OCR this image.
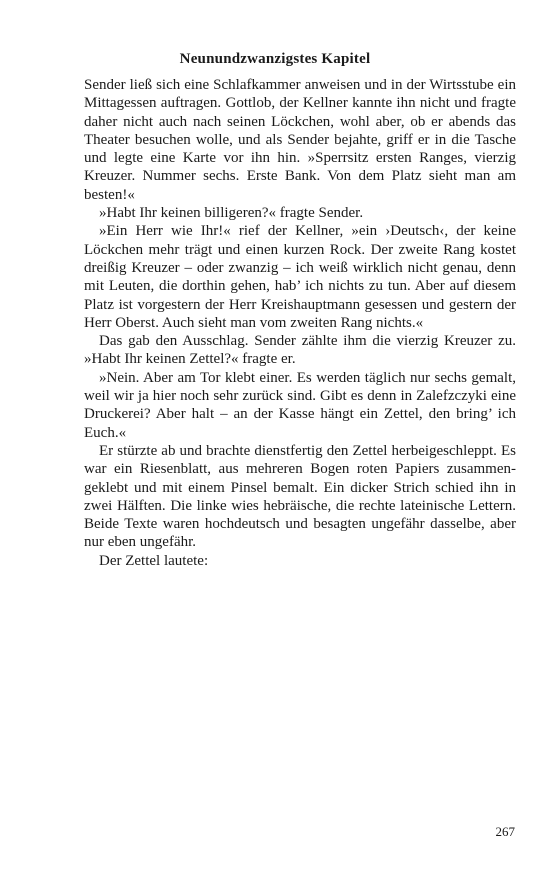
Neunundzwanzigstes Kapitel

Sender ließ sich eine Schlafkammer anweisen und in der Wirtsstube ein Mittagessen auftragen. Gottlob, der Kellner kannte ihn nicht und fragte daher nicht auch nach seinen Löckchen, wohl aber, ob er abends das Theater besuchen wolle, und als Sender bejahte, griff er in die Tasche und legte eine Karte vor ihn hin. »Sperrsitz ersten Ranges, vierzig Kreuzer. Nummer sechs. Erste Bank. Von dem Platz sieht man am besten!«

»Habt Ihr keinen billigeren?« fragte Sender.

»Ein Herr wie Ihr!« rief der Kellner, »ein ›Deutsch‹, der keine Löckchen mehr trägt und einen kurzen Rock. Der zweite Rang kostet dreißig Kreuzer – oder zwanzig – ich weiß wirklich nicht genau, denn mit Leuten, die dorthin gehen, hab’ ich nichts zu tun. Aber auf diesem Platz ist vorgestern der Herr Kreishauptmann gesessen und gestern der Herr Oberst. Auch sieht man vom zweiten Rang nichts.«

Das gab den Ausschlag. Sender zählte ihm die vierzig Kreuzer zu. »Habt Ihr keinen Zettel?« fragte er.

»Nein. Aber am Tor klebt einer. Es werden täglich nur sechs gemalt, weil wir ja hier noch sehr zurück sind. Gibt es denn in Zalefzczyki eine Druckerei? Aber halt – an der Kasse hängt ein Zettel, den bring’ ich Euch.«

Er stürzte ab und brachte dienstfertig den Zettel herbeigeschleppt. Es war ein Riesenblatt, aus mehreren Bogen roten Papiers zusammengeklebt und mit einem Pinsel bemalt. Ein dicker Strich schied ihn in zwei Hälften. Die linke wies hebräische, die rechte lateinische Lettern. Beide Texte waren hochdeutsch und besagten ungefähr dasselbe, aber nur eben ungefähr.

Der Zettel lautete:

267
